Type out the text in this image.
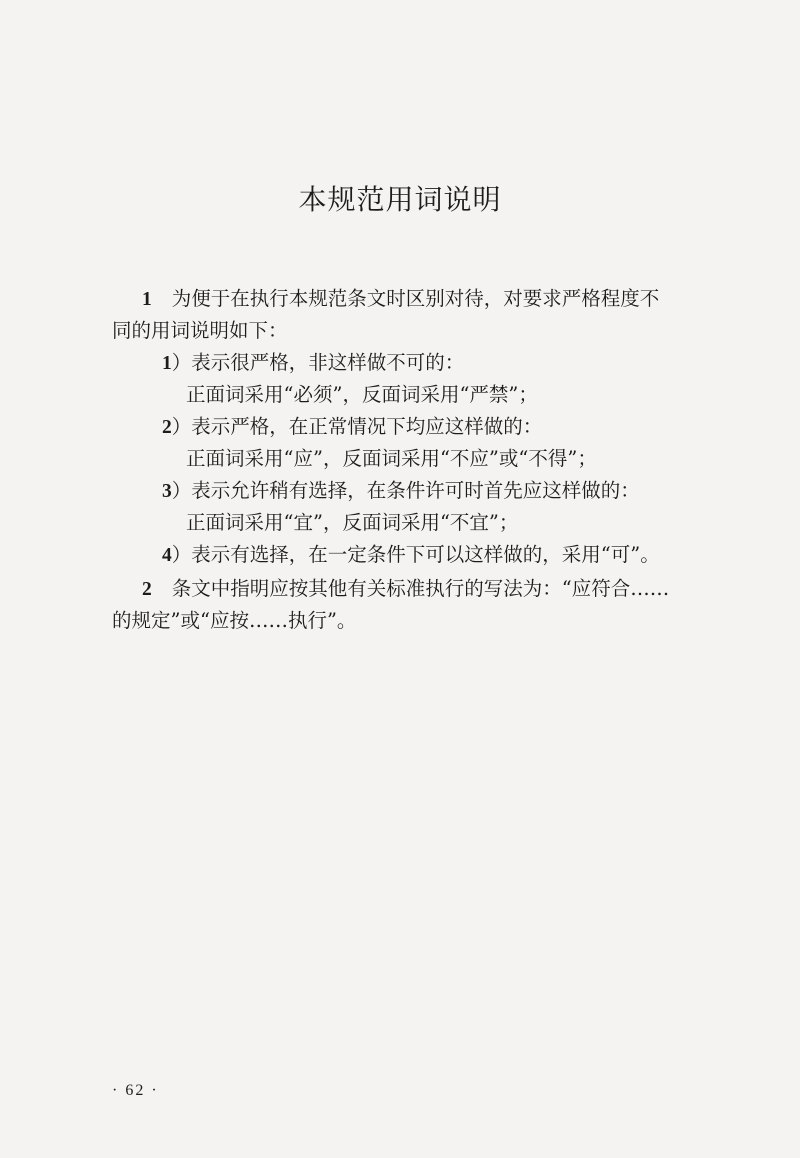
本规范用词说明
1 为便于在执行本规范条文时区别对待，对要求严格程度不
同的用词说明如下：
1）表示很严格，非这样做不可的：
正面词采用“必须”，反面词采用“严禁”；
2）表示严格，在正常情况下均应这样做的：
正面词采用“应”，反面词采用“不应”或“不得”；
3）表示允许稍有选择，在条件许可时首先应这样做的：
正面词采用“宜”，反面词采用“不宜”；
4）表示有选择，在一定条件下可以这样做的，采用“可”。
2 条文中指明应按其他有关标准执行的写法为：“应符合……
的规定”或“应按……执行”。
· 62 ·
